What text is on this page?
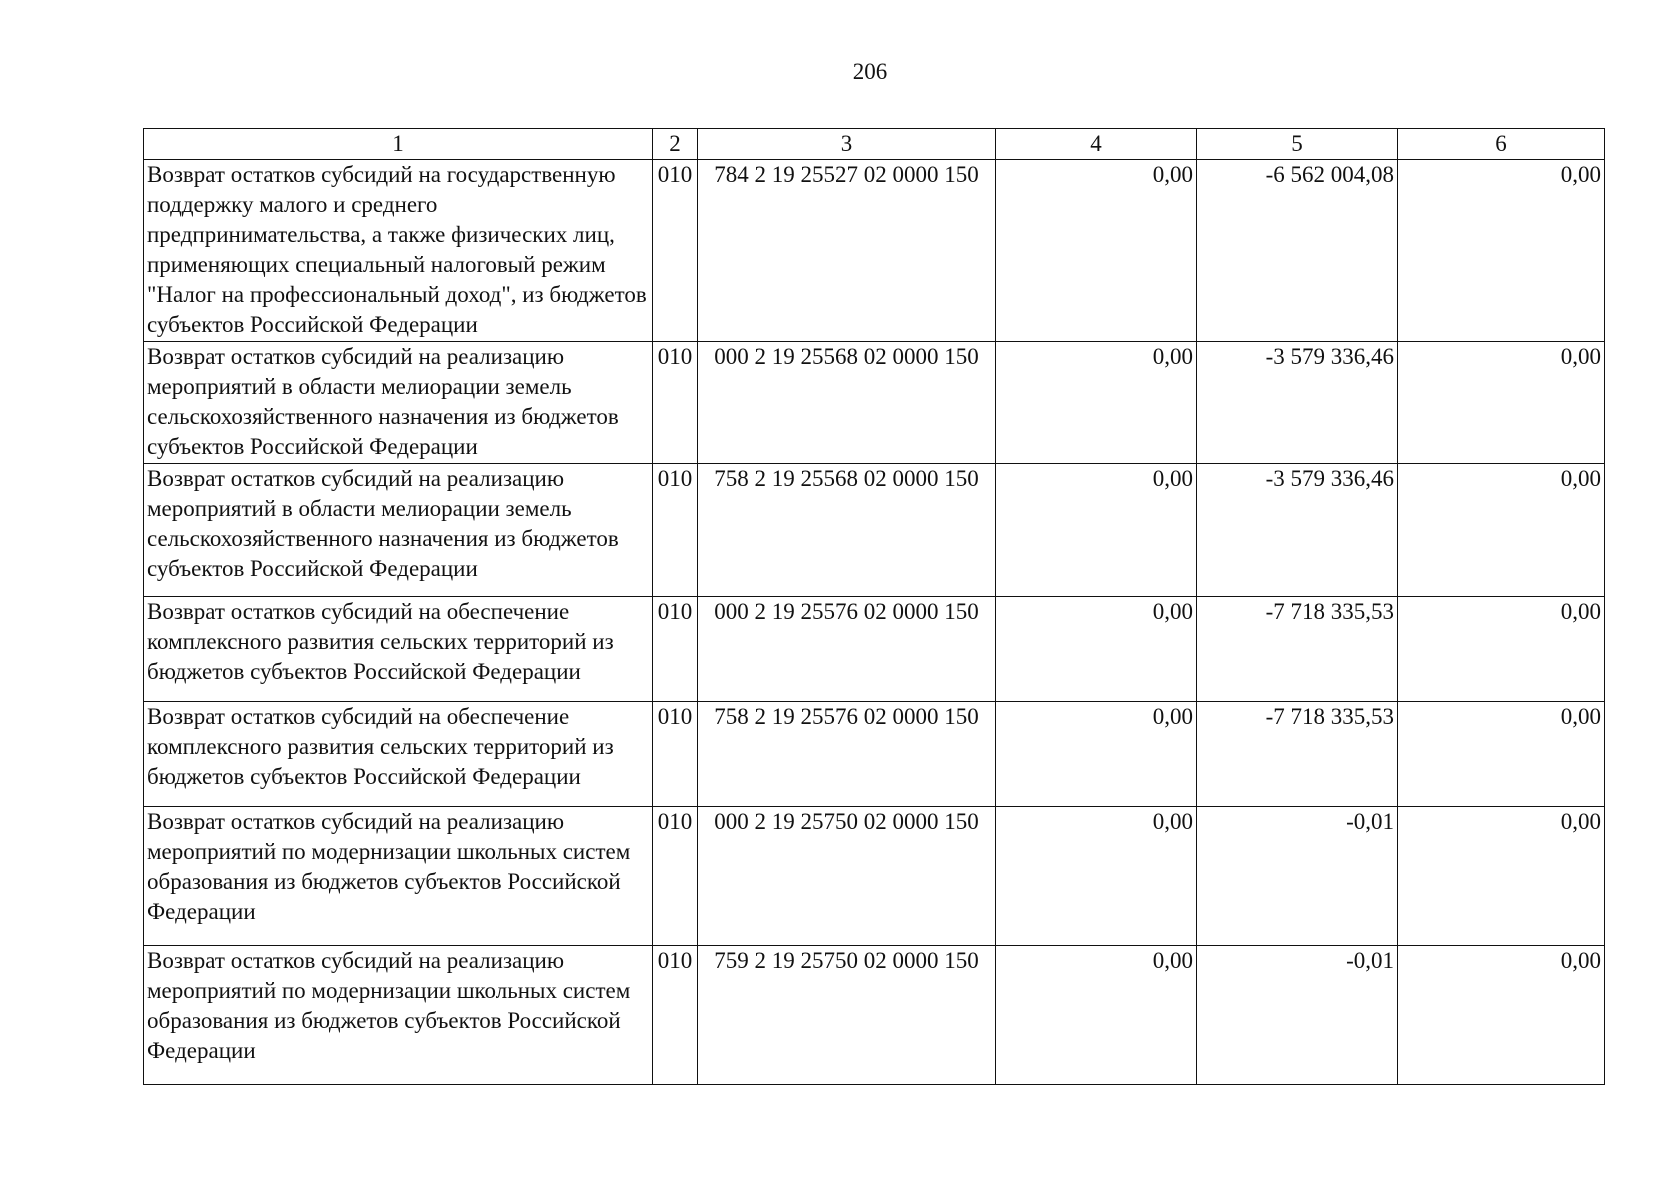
206
1	2	3	4	5	6
Возврат остатков субсидий на государственную поддержку малого и среднего предпринимательства, а также физических лиц, применяющих специальный налоговый режим "Налог на профессиональный доход", из бюджетов субъектов Российской Федерации	010	784 2 19 25527 02 0000 150	0,00	-6 562 004,08	0,00
Возврат остатков субсидий на реализацию мероприятий в области мелиорации земель сельскохозяйственного назначения из бюджетов субъектов Российской Федерации	010	000 2 19 25568 02 0000 150	0,00	-3 579 336,46	0,00
Возврат остатков субсидий на реализацию мероприятий в области мелиорации земель сельскохозяйственного назначения из бюджетов субъектов Российской Федерации	010	758 2 19 25568 02 0000 150	0,00	-3 579 336,46	0,00
Возврат остатков субсидий на обеспечение комплексного развития сельских территорий из бюджетов субъектов Российской Федерации	010	000 2 19 25576 02 0000 150	0,00	-7 718 335,53	0,00
Возврат остатков субсидий на обеспечение комплексного развития сельских территорий из бюджетов субъектов Российской Федерации	010	758 2 19 25576 02 0000 150	0,00	-7 718 335,53	0,00
Возврат остатков субсидий на реализацию мероприятий по модернизации школьных систем образования из бюджетов субъектов Российской Федерации	010	000 2 19 25750 02 0000 150	0,00	-0,01	0,00
Возврат остатков субсидий на реализацию мероприятий по модернизации школьных систем образования из бюджетов субъектов Российской Федерации	010	759 2 19 25750 02 0000 150	0,00	-0,01	0,00
